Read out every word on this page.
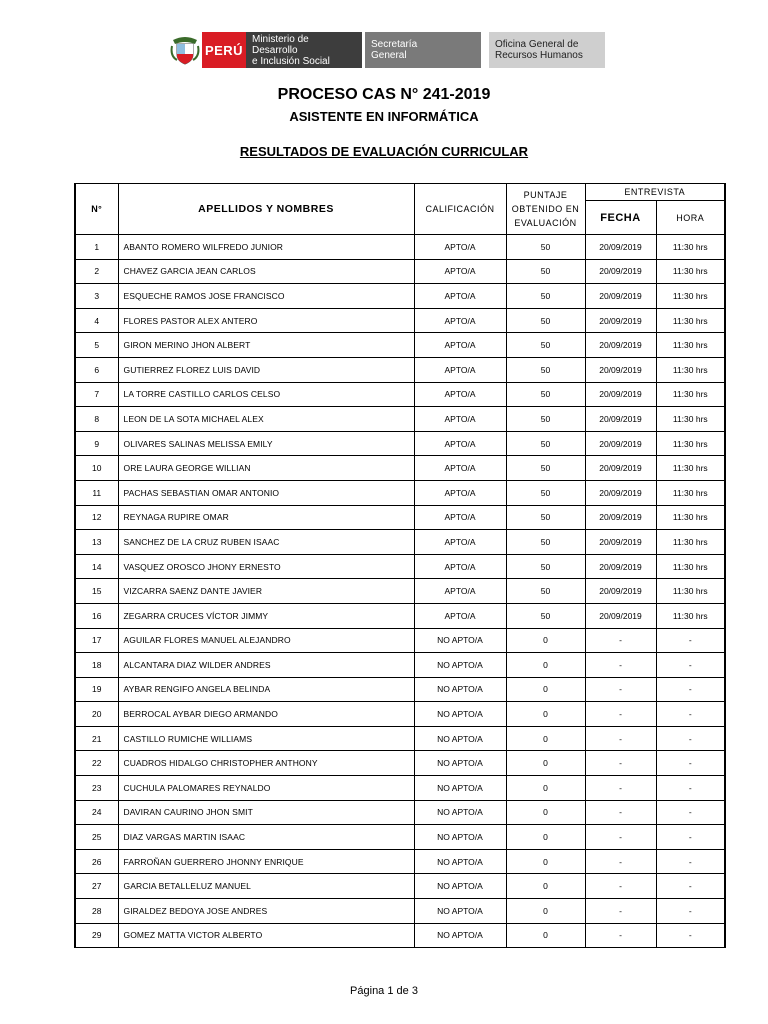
PERÚ
Ministerio de Desarrollo
e Inclusión Social
Secretaría
General
Oficina General de
Recursos Humanos
PROCESO CAS N° 241-2019
ASISTENTE EN INFORMÁTICA
RESULTADOS DE EVALUACIÓN CURRICULAR
N°	APELLIDOS Y NOMBRES	CALIFICACIÓN	PUNTAJE
OBTENIDO EN
EVALUACIÓN	ENTREVISTA	
				FECHA	HORA
1	ABANTO ROMERO WILFREDO JUNIOR	APTO/A	50	20/09/2019	11:30 hrs
2	CHAVEZ GARCIA JEAN CARLOS	APTO/A	50	20/09/2019	11:30 hrs
3	ESQUECHE RAMOS JOSE FRANCISCO	APTO/A	50	20/09/2019	11:30 hrs
4	FLORES PASTOR ALEX ANTERO	APTO/A	50	20/09/2019	11:30 hrs
5	GIRON MERINO JHON ALBERT	APTO/A	50	20/09/2019	11:30 hrs
6	GUTIERREZ FLOREZ LUIS DAVID	APTO/A	50	20/09/2019	11:30 hrs
7	LA TORRE CASTILLO CARLOS CELSO	APTO/A	50	20/09/2019	11:30 hrs
8	LEON DE LA SOTA MICHAEL ALEX	APTO/A	50	20/09/2019	11:30 hrs
9	OLIVARES SALINAS MELISSA EMILY	APTO/A	50	20/09/2019	11:30 hrs
10	ORE LAURA GEORGE WILLIAN	APTO/A	50	20/09/2019	11:30 hrs
11	PACHAS SEBASTIAN OMAR ANTONIO	APTO/A	50	20/09/2019	11:30 hrs
12	REYNAGA RUPIRE OMAR	APTO/A	50	20/09/2019	11:30 hrs
13	SANCHEZ DE LA CRUZ RUBEN ISAAC	APTO/A	50	20/09/2019	11:30 hrs
14	VASQUEZ OROSCO JHONY ERNESTO	APTO/A	50	20/09/2019	11:30 hrs
15	VIZCARRA SAENZ DANTE JAVIER	APTO/A	50	20/09/2019	11:30 hrs
16	ZEGARRA CRUCES VÍCTOR JIMMY	APTO/A	50	20/09/2019	11:30 hrs
17	AGUILAR FLORES MANUEL ALEJANDRO	NO APTO/A	0	-	-
18	ALCANTARA DIAZ WILDER ANDRES	NO APTO/A	0	-	-
19	AYBAR RENGIFO ANGELA BELINDA	NO APTO/A	0	-	-
20	BERROCAL AYBAR DIEGO ARMANDO	NO APTO/A	0	-	-
21	CASTILLO RUMICHE WILLIAMS	NO APTO/A	0	-	-
22	CUADROS HIDALGO CHRISTOPHER ANTHONY	NO APTO/A	0	-	-
23	CUCHULA PALOMARES REYNALDO	NO APTO/A	0	-	-
24	DAVIRAN CAURINO JHON SMIT	NO APTO/A	0	-	-
25	DIAZ VARGAS MARTIN ISAAC	NO APTO/A	0	-	-
26	FARROÑAN GUERRERO JHONNY ENRIQUE	NO APTO/A	0	-	-
27	GARCIA BETALLELUZ MANUEL	NO APTO/A	0	-	-
28	GIRALDEZ BEDOYA JOSE ANDRES	NO APTO/A	0	-	-
29	GOMEZ MATTA VICTOR ALBERTO	NO APTO/A	0	-	-
Página 1 de 3
